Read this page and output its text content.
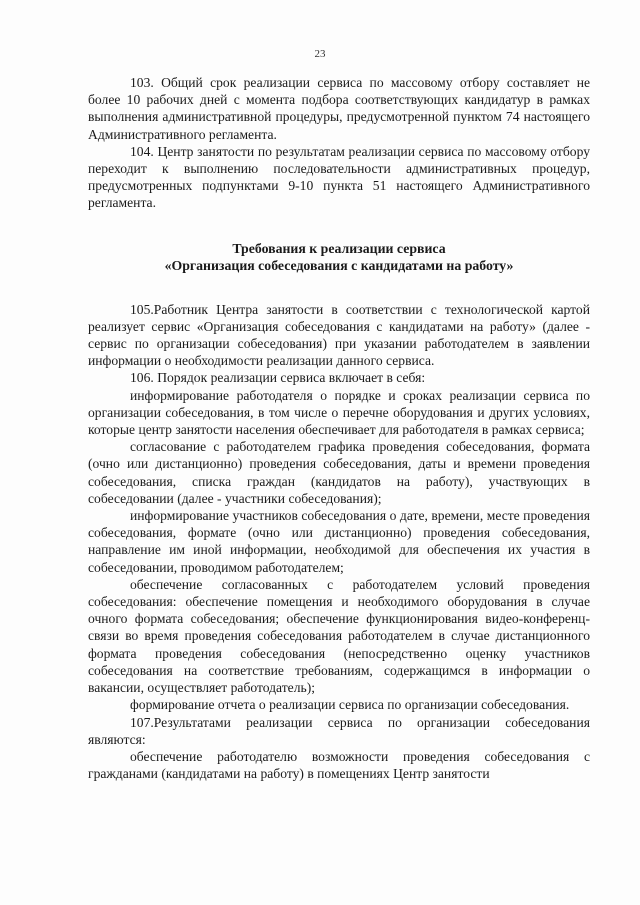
23

103. Общий срок реализации сервиса по массовому отбору составляет не более 10 рабочих дней с момента подбора соответствующих кандидатур в рамках выполнения административной процедуры, предусмотренной пунктом 74 настоящего Административного регламента.

104. Центр занятости по результатам реализации сервиса по массовому отбору переходит к выполнению последовательности административных процедур, предусмотренных подпунктами 9-10 пункта 51 настоящего Административного регламента.

Требования к реализации сервиса
«Организация собеседования с кандидатами на работу»

105.Работник Центра занятости в соответствии с технологической картой реализует сервис «Организация собеседования с кандидатами на работу» (далее - сервис по организации собеседования) при указании работодателем в заявлении информации о необходимости реализации данного сервиса.

106. Порядок реализации сервиса включает в себя:

информирование работодателя о порядке и сроках реализации сервиса по организации собеседования, в том числе о перечне оборудования и других условиях, которые центр занятости населения обеспечивает для работодателя в рамках сервиса;

согласование с работодателем графика проведения собеседования, формата (очно или дистанционно) проведения собеседования, даты и времени проведения собеседования, списка граждан (кандидатов на работу), участвующих в собеседовании (далее - участники собеседования);

информирование участников собеседования о дате, времени, месте проведения собеседования, формате (очно или дистанционно) проведения собеседования, направление им иной информации, необходимой для обеспечения их участия в собеседовании, проводимом работодателем;

обеспечение согласованных с работодателем условий проведения собеседования: обеспечение помещения и необходимого оборудования в случае очного формата собеседования; обеспечение функционирования видео-конференц-связи во время проведения собеседования работодателем в случае дистанционного формата проведения собеседования (непосредственно оценку участников собеседования на соответствие требованиям, содержащимся в информации о вакансии, осуществляет работодатель);

формирование отчета о реализации сервиса по организации собеседования.

107.Результатами реализации сервиса по организации собеседования являются:

обеспечение работодателю возможности проведения собеседования с гражданами (кандидатами на работу) в помещениях Центр занятости
